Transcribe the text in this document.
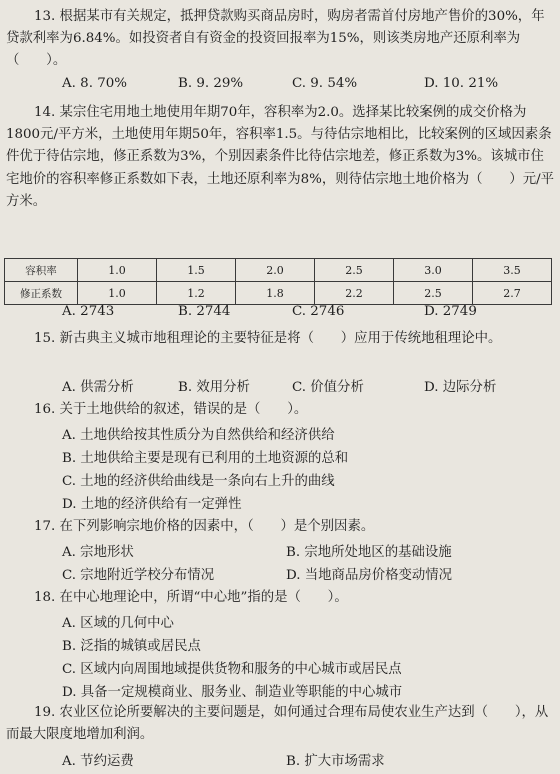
13. 根据某市有关规定，抵押贷款购买商品房时，购房者需首付房地产售价的30%，年贷款利率为6.84%。如投资者自有资金的投资回报率为15%，则该类房地产还原利率为（　　）。
A. 8. 70%	B. 9. 29%	C. 9. 54%	D. 10. 21%
14. 某宗住宅用地土地使用年期70年，容积率为2.0。选择某比较案例的成交价格为1800元/平方米，土地使用年期50年，容积率1.5。与待估宗地相比，比较案例的区域因素条件优于待估宗地，修正系数为3%，个别因素条件比待估宗地差，修正系数为3%。该城市住宅地价的容积率修正系数如下表，土地还原利率为8%，则待估宗地土地价格为（　　）元/平方米。
容积率	1.0	1.5	2.0	2.5	3.0	3.5
修正系数	1.0	1.2	1.8	2.2	2.5	2.7
A. 2743	B. 2744	C. 2746	D. 2749
15. 新古典主义城市地租理论的主要特征是将（　　）应用于传统地租理论中。
A. 供需分析	B. 效用分析	C. 价值分析	D. 边际分析
16. 关于土地供给的叙述，错误的是（　　）。
A. 土地供给按其性质分为自然供给和经济供给
B. 土地供给主要是现有已利用的土地资源的总和
C. 土地的经济供给曲线是一条向右上升的曲线
D. 土地的经济供给有一定弹性
17. 在下列影响宗地价格的因素中，（　　）是个别因素。
A. 宗地形状	B. 宗地所处地区的基础设施
C. 宗地附近学校分布情况	D. 当地商品房价格变动情况
18. 在中心地理论中，所谓“中心地”指的是（　　）。
A. 区域的几何中心
B. 泛指的城镇或居民点
C. 区域内向周围地域提供货物和服务的中心城市或居民点
D. 具备一定规模商业、服务业、制造业等职能的中心城市
19. 农业区位论所要解决的主要问题是，如何通过合理布局使农业生产达到（　　），从而最大限度地增加利润。
A. 节约运费	B. 扩大市场需求
